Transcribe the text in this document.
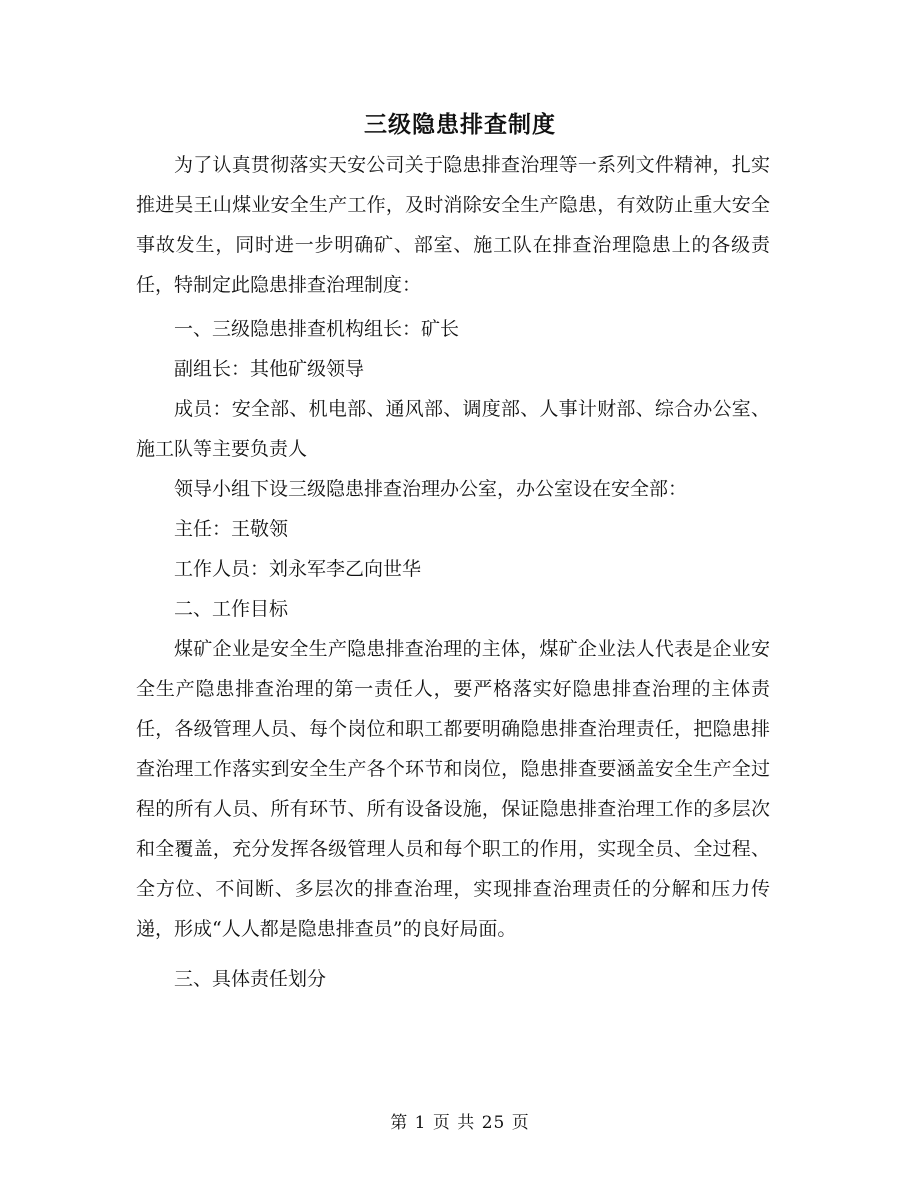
三级隐患排查制度

为了认真贯彻落实天安公司关于隐患排查治理等一系列文件精神，扎实推进吴王山煤业安全生产工作，及时消除安全生产隐患，有效防止重大安全事故发生，同时进一步明确矿、部室、施工队在排查治理隐患上的各级责任，特制定此隐患排查治理制度：

一、三级隐患排查机构组长：矿长

副组长：其他矿级领导

成员：安全部、机电部、通风部、调度部、人事计财部、综合办公室、施工队等主要负责人

领导小组下设三级隐患排查治理办公室，办公室设在安全部：

主任：王敬领

工作人员：刘永军李乙向世华

二、工作目标

煤矿企业是安全生产隐患排查治理的主体，煤矿企业法人代表是企业安全生产隐患排查治理的第一责任人，要严格落实好隐患排查治理的主体责任，各级管理人员、每个岗位和职工都要明确隐患排查治理责任，把隐患排查治理工作落实到安全生产各个环节和岗位，隐患排查要涵盖安全生产全过程的所有人员、所有环节、所有设备设施，保证隐患排查治理工作的多层次和全覆盖，充分发挥各级管理人员和每个职工的作用，实现全员、全过程、全方位、不间断、多层次的排查治理，实现排查治理责任的分解和压力传递，形成“人人都是隐患排查员”的良好局面。

三、具体责任划分

第 1 页 共 25 页
